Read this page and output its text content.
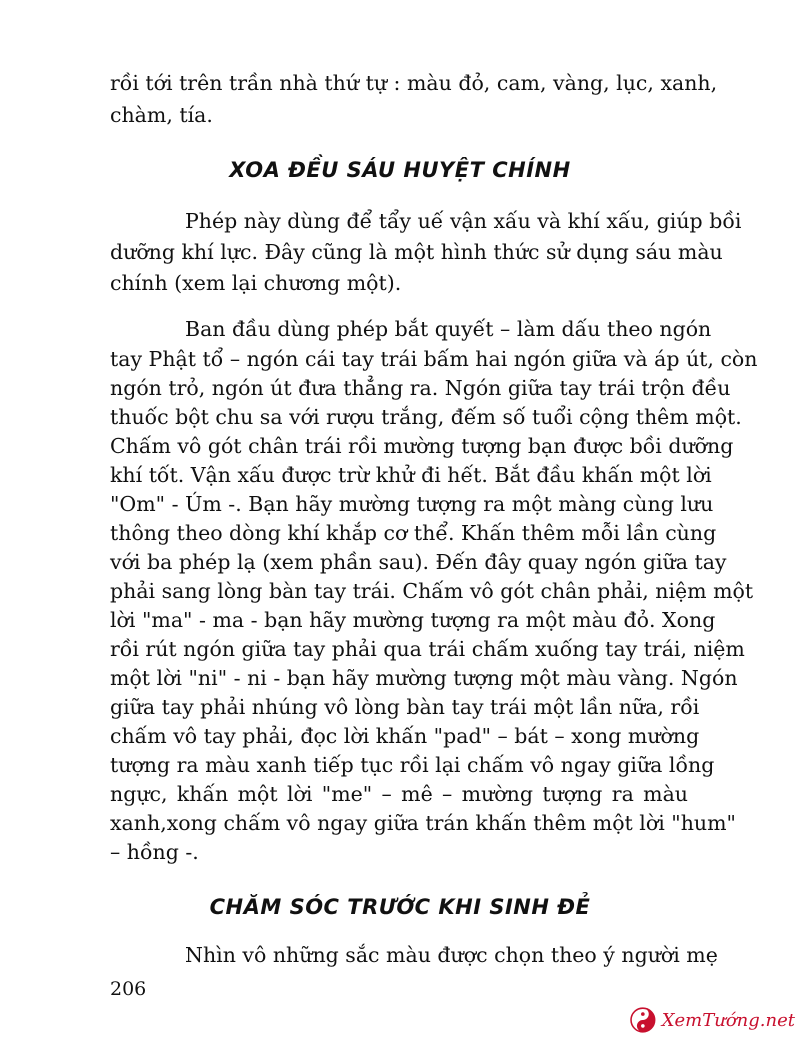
rồi tới trên trần nhà thứ tự : màu đỏ, cam, vàng, lục, xanh,
chàm, tía.
XOA ĐỀU SÁU HUYỆT CHÍNH
Phép này dùng để tẩy uế vận xấu và khí xấu, giúp bồi
dưỡng khí lực. Đây cũng là một hình thức sử dụng sáu màu
chính (xem lại chương một).
Ban đầu dùng phép bắt quyết – làm dấu theo ngón
tay Phật tổ – ngón cái tay trái bấm hai ngón giữa và áp út, còn
ngón trỏ, ngón út đưa thẳng ra. Ngón giữa tay trái trộn đều
thuốc bột chu sa với rượu trắng, đếm số tuổi cộng thêm một.
Chấm vô gót chân trái rồi mường tượng bạn được bồi dưỡng
khí tốt. Vận xấu được trừ khử đi hết. Bắt đầu khấn một lời
"Om" - Úm -. Bạn hãy mường tượng ra một màng cùng lưu
thông theo dòng khí khắp cơ thể. Khấn thêm mỗi lần cùng
với ba phép lạ (xem phần sau). Đến đây quay ngón giữa tay
phải sang lòng bàn tay trái. Chấm vô gót chân phải, niệm một
lời "ma" - ma - bạn hãy mường tượng ra một màu đỏ. Xong
rồi rút ngón giữa tay phải qua trái chấm xuống tay trái, niệm
một lời "ni" - ni - bạn hãy mường tượng một màu vàng. Ngón
giữa tay phải nhúng vô lòng bàn tay trái một lần nữa, rồi
chấm vô tay phải, đọc lời khấn "pad" – bát – xong mường
tượng ra màu xanh tiếp tục rồi lại chấm vô ngay giữa lồng
ngực, khấn một lời "me" – mê – mường tượng ra màu
xanh,xong chấm vô ngay giữa trán khấn thêm một lời "hum"
– hồng -.
CHĂM SÓC TRƯỚC KHI SINH ĐẺ
Nhìn vô những sắc màu được chọn theo ý người mẹ
206
XemTướng.net
